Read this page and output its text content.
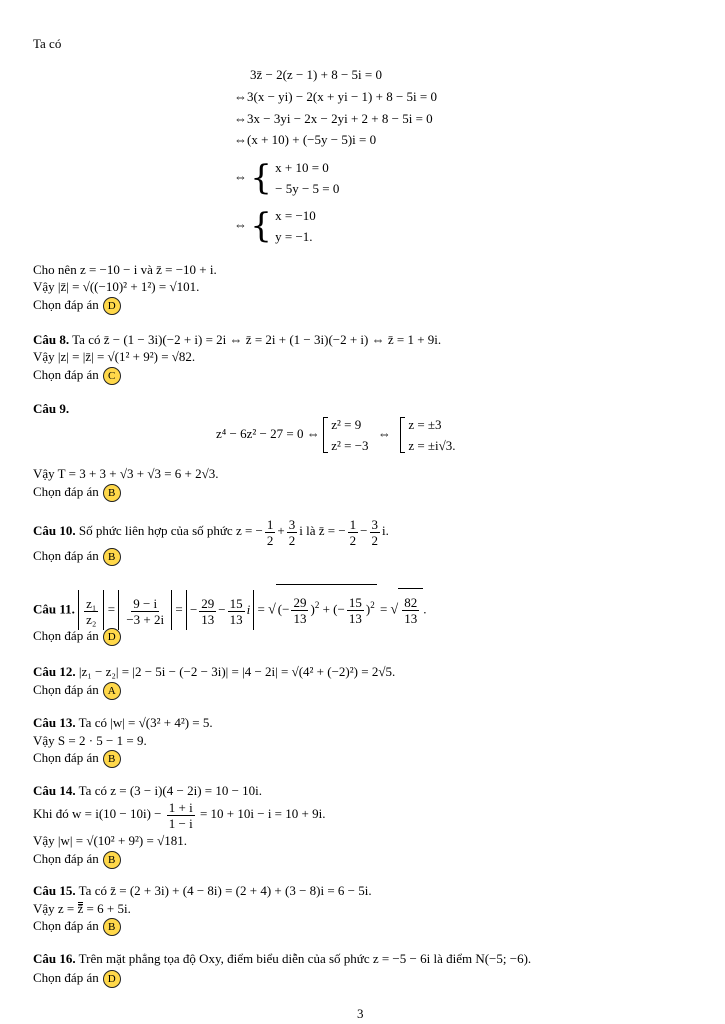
Ta có
3z̄ − 2(z − 1) + 8 − 5i = 0
⇔3(x − yi) − 2(x + yi − 1) + 8 − 5i = 0
⇔3x − 3yi − 2x − 2yi + 2 + 8 − 5i = 0
⇔(x + 10) + (−5y − 5)i = 0
⇔ { x + 10 = 0
− 5y − 5 = 0
⇔ { x = −10
y = −1.
Cho nên z = −10 − i và z̄ = −10 + i.
Vậy |z̄| = √((−10)² + 1²) = √101.
Chọn đáp án D
Câu 8. Ta có z̄ − (1 − 3i)(−2 + i) = 2i ⇔ z̄ = 2i + (1 − 3i)(−2 + i) ⇔ z̄ = 1 + 9i.
Vậy |z| = |z̄| = √(1² + 9²) = √82.
Chọn đáp án C
Câu 9.
z⁴ − 6z² − 27 = 0 ⇔
z² = 9
z² = −3
⇔
z = ±3
z = ±i√3.
Vậy T = 3 + 3 + √3 + √3 = 6 + 2√3.
Chọn đáp án B
Câu 10. Số phức liên hợp của số phức z = − $\frac{1}{2} + \frac{3}{2}$ i là z̄ = − $\frac{1}{2} - \frac{3}{2} i$.
Chọn đáp án B
Câu 11. $\frac{\text{z₁}}{\text{z₂}} = \frac{9 - i}{-3 + 2i}$ = − $\frac{29}{13} - \frac{15}{13}$ i = √ (− $\frac{29}{13} )^2$ + (− $\frac{15}{13} )^2$ = √ $\frac{82}{13}$ .
Chọn đáp án D
Câu 12. |z₁ − z₂| = |2 − 5i − (−2 − 3i)| = |4 − 2i| = √(4² + (−2)²) = 2√5.
Chọn đáp án A
Câu 13. Ta có |w| = √(3² + 4²) = 5.
Vậy S = 2 · 5 − 1 = 9.
Chọn đáp án B
Câu 14. Ta có z = (3 − i)(4 − 2i) = 10 − 10i.
Khi đó $w = i(10 - 10i) - \frac{1 + i}{1 - i} = 10 + 10i - i = 10 + 9i$.
Vậy |w| = √(10² + 9²) = √181.
Chọn đáp án B
Câu 15. Ta có z̄ = (2 + 3i) + (4 − 8i) = (2 + 4) + (3 − 8)i = 6 − 5i.
Vậy z = z̄ = 6 + 5i.
Chọn đáp án B
Câu 16. Trên mặt phẳng tọa độ Oxy, điểm biểu diễn của số phức z = −5 − 6i là điểm N(−5; −6).
Chọn đáp án D
3
